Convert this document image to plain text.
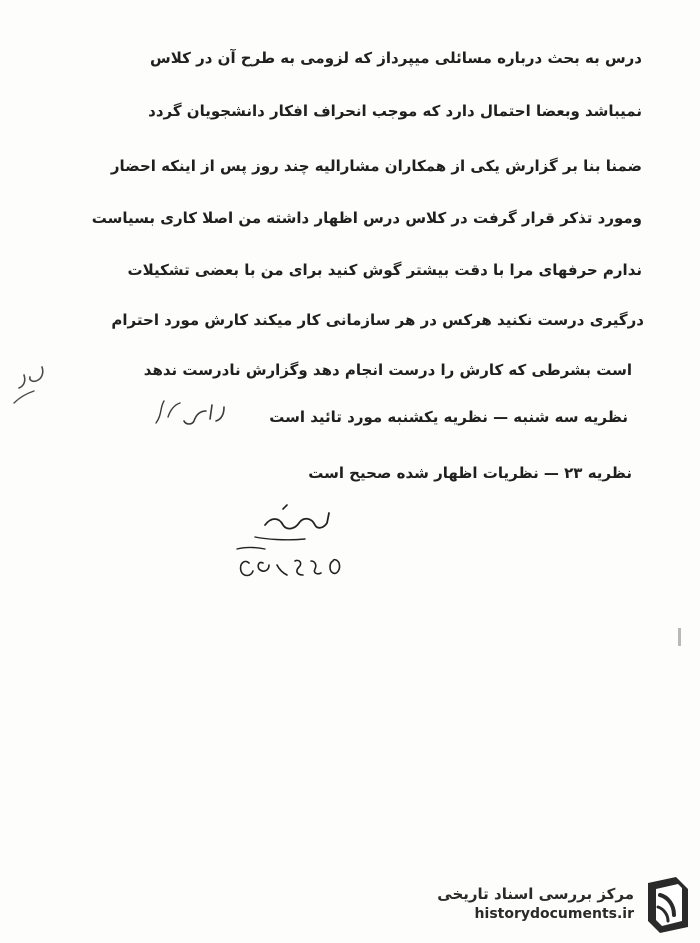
درس به بحث درباره مسائلی میپرداز که لزومی به طرح آن در کلاس
نمیباشد وبعضا احتمال دارد که موجب انحراف افکار دانشجویان گردد
ضمنا بنا بر گزارش یکی از همکاران مشارالیه چند روز پس از اینکه احضار
ومورد تذکر قرار گرفت در کلاس درس اظهار داشته من اصلا کاری بسیاست
ندارم حرفهای مرا با دقت بیشتر گوش کنید برای من با بعضی تشکیلات
درگیری درست نکنید هرکس در هر سازمانی کار میکند کارش مورد احترام
است بشرطی که کارش را درست انجام دهد وگزارش نادرست ندهد
نظریه سه شنبه — نظریه یکشنبه مورد تائید است
نظریه ۲۳ — نظریات اظهار شده صحیح است
مرکز بررسی اسناد تاریخی
historydocuments.ir
